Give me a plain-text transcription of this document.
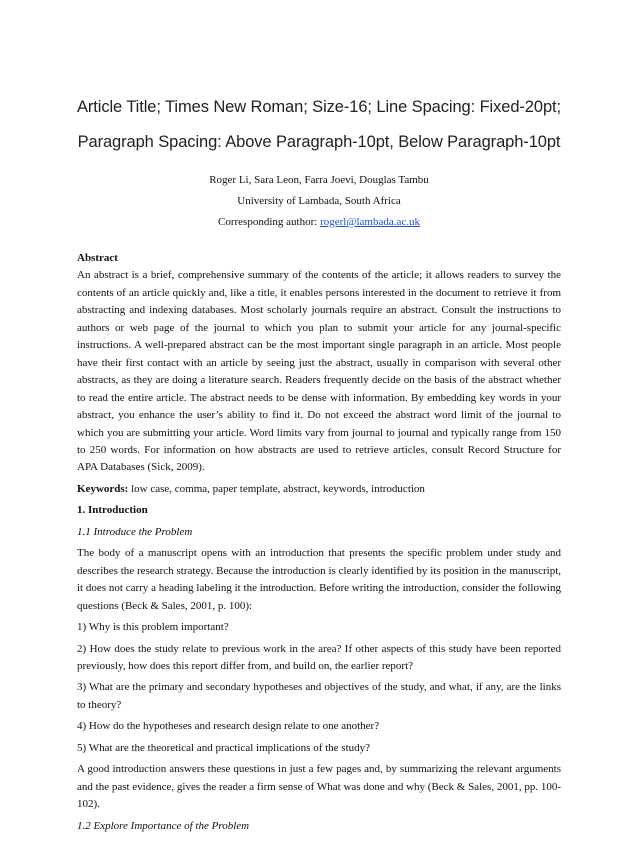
Article Title; Times New Roman; Size-16; Line Spacing: Fixed-20pt;
Paragraph Spacing: Above Paragraph-10pt, Below Paragraph-10pt
Roger Li, Sara Leon, Farra Joevi, Douglas Tambu
University of Lambada, South Africa
Corresponding author: rogerl@lambada.ac.uk

Abstract

An abstract is a brief, comprehensive summary of the contents of the article; it allows readers to survey the contents of an article quickly and, like a title, it enables persons interested in the document to retrieve it from abstracting and indexing databases. Most scholarly journals require an abstract. Consult the instructions to authors or web page of the journal to which you plan to submit your article for any journal-specific instructions. A well-prepared abstract can be the most important single paragraph in an article. Most people have their first contact with an article by seeing just the abstract, usually in comparison with several other abstracts, as they are doing a literature search. Readers frequently decide on the basis of the abstract whether to read the entire article. The abstract needs to be dense with information. By embedding key words in your abstract, you enhance the user’s ability to find it. Do not exceed the abstract word limit of the journal to which you are submitting your article. Word limits vary from journal to journal and typically range from 150 to 250 words. For information on how abstracts are used to retrieve articles, consult Record Structure for APA Databases (Sick, 2009).

Keywords: low case, comma, paper template, abstract, keywords, introduction

1. Introduction

1.1 Introduce the Problem

The body of a manuscript opens with an introduction that presents the specific problem under study and describes the research strategy. Because the introduction is clearly identified by its position in the manuscript, it does not carry a heading labeling it the introduction. Before writing the introduction, consider the following questions (Beck & Sales, 2001, p. 100):

1) Why is this problem important?

2) How does the study relate to previous work in the area? If other aspects of this study have been reported previously, how does this report differ from, and build on, the earlier report?

3) What are the primary and secondary hypotheses and objectives of the study, and what, if any, are the links to theory?

4) How do the hypotheses and research design relate to one another?

5) What are the theoretical and practical implications of the study?

A good introduction answers these questions in just a few pages and, by summarizing the relevant arguments and the past evidence, gives the reader a firm sense of What was done and why (Beck & Sales, 2001, pp. 100-102).

1.2 Explore Importance of the Problem
